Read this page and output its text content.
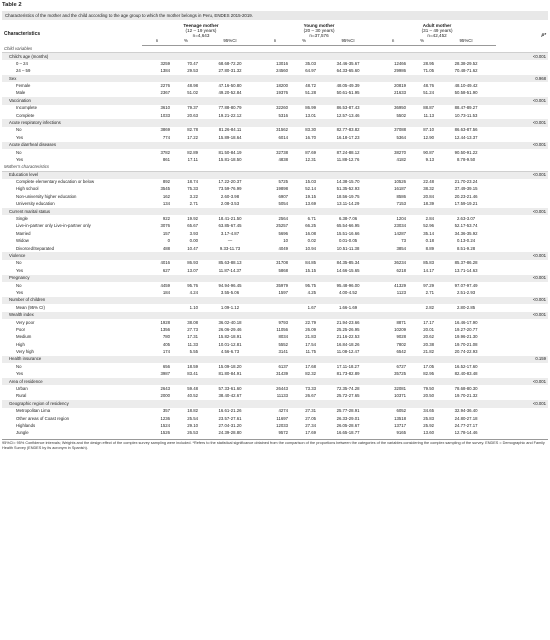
Table 2
Characteristics of the mother and the child according to the age group to which the mother belongs in Peru, ENDES 2015-2019.
Characteristics	Teenage mother
(12 – 19 years)
n=4,643			Young mother
(20 – 30 years)
n=37,576			Adult mother
(31 – 49 years)
n=42,452			p*
	n	%	95%CI	n	%	95%CI	n	%	95%CI	
Child variables										
Child's age (months)										<0.001
0 – 24	3259	70.47	68.68-72.20	13016	35.03	34.46-35.67	12466	28.95	28.38-29.52	
24 – 59	1384	29.53	27.80-31.32	24560	64.97	64.33-65.60	29986	71.05	70.48-71.62	
Sex										0.968
Female	2276	48.98	47.16-50.80	18200	48.72	48.05-49.39	20819	48.76	48.10-49.42	
Male	2367	51.02	49.20-52.84	19376	51.28	50.61-51.95	21633	51.24	50.58-51.90	
Vaccination										<0.001
Incomplete	3610	79.37	77.88-80.79	32260	86.99	86.53-87.43	36950	88.87	88.47-89.27	
Complete	1033	20.63	19.21-22.12	5316	13.01	12.57-13.46	5502	11.13	10.73-11.53	
Acute respiratory infections										<0.001
No	3869	82.78	81.26-84.11	31562	83.30	82.77-83.82	37088	87.10	86.63-87.56	
Yes	774	17.22	15.89-18.64	6014	16.70	16.18-17.23	5364	12.90	12.44-13.37	
Acute diarrheal diseases										<0.001
No	3782	82.89	81.50-84.19	32738	87.69	87.24-88.12	38270	90.87	90.50-91.22	
Yes	861	17.11	15.81-18.50	4838	12.31	11.88-12.76	4182	9.13	8.78-9.50	
Mother's characteristics										
Education level										<0.001
Complete elementary education or below	892	18.74	17.22-20.37	5725	15.03	14.38-15.70	10526	22.48	21.70-23.24	
High school	3545	75.33	73.59-76.99	19898	52.14	51.35-52.93	16187	38.32	37.49-39.15	
Non-university higher education	162	3.22	2.60-3.98	6907	19.15	18.56-19.75	8586	20.84	20.23-21.46	
University education	134	2.71	2.08-3.53	5054	13.69	13.11-14.29	7153	18.39	17.59-19.21	
Current marital status										<0.001
Single	922	19.92	18.41-21.50	2564	6.71	6.38-7.06	1204	2.84	2.63-3.07	
Live-in-partner only Live-in-partner only	3076	65.67	63.85-67.45	25257	66.25	65.54-66.95	23034	52.96	52.17-53.74	
Married	157	3.93	3.17-4.87	5696	16.08	15.51-16.66	14287	35.14	34.36-35.92	
Widow	0	0.00	—	10	0.02	0.01-0.05	73	0.18	0.13-0.24	
Divorced/Separated	488	10.47	9.33-11.73	4049	10.94	10.51-11.38	3854	8.89	8.51-9.28	
Violence										<0.001
No	4016	86.93	85.63-88.13	31708	84.85	84.35-85.34	36234	85.83	85.37-86.28	
Yes	627	13.07	11.87-14.37	5868	15.15	14.66-15.65	6218	14.17	13.71-14.63	
Pregnancy										<0.001
No	4459	95.76	94.94-96.45	35979	95.75	95.48-96.00	41329	97.29	97.07-97.49	
Yes	184	4.24	3.55-5.06	1597	4.25	4.00-4.52	1123	2.71	2.51-2.93	
Number of children										<0.001
Mean (95% CI)		1.10	1.09-1.12		1.67	1.66-1.69		2.82	2.80-2.85	
Wealth index										<0.001
Very poor	1928	38.08	36.02-40.18	9793	22.79	21.94-23.66	8871	17.17	16.46-17.90	
Poor	1356	27.73	26.06-29.46	11056	26.09	25.25-26.95	10209	20.01	19.27-20.77	
Medium	780	17.31	15.82-18.91	8034	21.83	21.16-22.53	9028	20.62	19.96-21.30	
High	405	11.33	10.01-12.81	5552	17.54	16.84-18.26	7802	20.38	19.70-21.08	
Very high	174	5.55	4.56-6.73	3141	11.75	11.08-12.47	6542	21.82	20.74-22.93	
Health insurance										0.159
No	656	18.59	15.09-18.20	6137	17.68	17.11-18.27	6727	17.05	16.52-17.60	
Yes	3987	83.41	81.80-84.91	31439	82.32	81.73-82.89	35725	82.95	82.40-83.48	
Area of residence										<0.001
Urban	2643	59.48	57.33-61.60	26443	73.33	72.35-74.28	32081	79.50	78.68-80.30	
Rural	2000	40.52	38.40-42.67	11133	26.67	25.72-27.65	10371	20.50	19.70-21.32	
Geographic region of residency										<0.001
Metropolitan Lima	357	18.82	16.61-21.26	4274	27.31	25.77-28.91	6052	34.65	32.94-36.40	
Other areas of Coast region	1236	25.54	23.57-27.61	11697	27.05	26.33-29.01	13518	25.83	24.80-27.18	
Highlands	1524	29.10	27.04-31.20	12033	27.34	26.05-28.67	13717	25.92	24.77-27.17	
Jungle	1526	26.53	24.39-28.80	9572	17.69	16.65-18.77	9165	13.60	12.78-14.46	
95%CI= 95% Confidence intervals; Weights and the design effect of the complex survey sampling were included. *Refers to the statistical significance obtained from the comparison of the proportions between the categories of the variables considering the complex sampling of the survey. ENDES = Demographic and Family Health Survey (ENDES by its acronym in Spanish).
